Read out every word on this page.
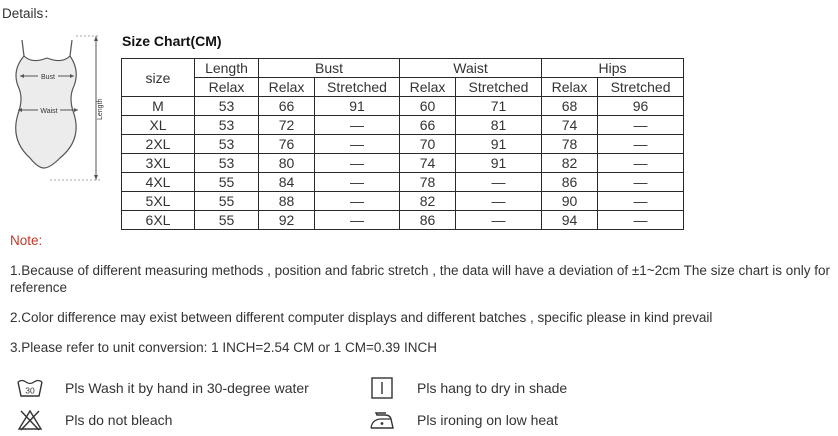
Details：
Bust
Waist	Length
Size Chart(CM)
size	Length	Bust		Waist		Hips	
	Relax	Relax	Stretched	Relax	Stretched	Relax	Stretched
M	53	66	91	60	71	68	96
XL	53	72	—	66	81	74	—
2XL	53	76	—	70	91	78	—
3XL	53	80	—	74	91	82	—
4XL	55	84	—	78	—	86	—
5XL	55	88	—	82	—	90	—
6XL	55	92	—	86	—	94	—
Note:
1.Because of different measuring methods , position and fabric stretch , the data will have a deviation of ±1~2cm The size chart is only for reference
2.Color difference may exist between different computer displays and different batches , specific please in kind prevail
3.Please refer to unit conversion: 1 INCH=2.54 CM or 1 CM=0.39 INCH
30 Pls Wash it by hand in 30-degree water	Pls hang to dry in shade
Pls do not bleach	Pls ironing on low heat
